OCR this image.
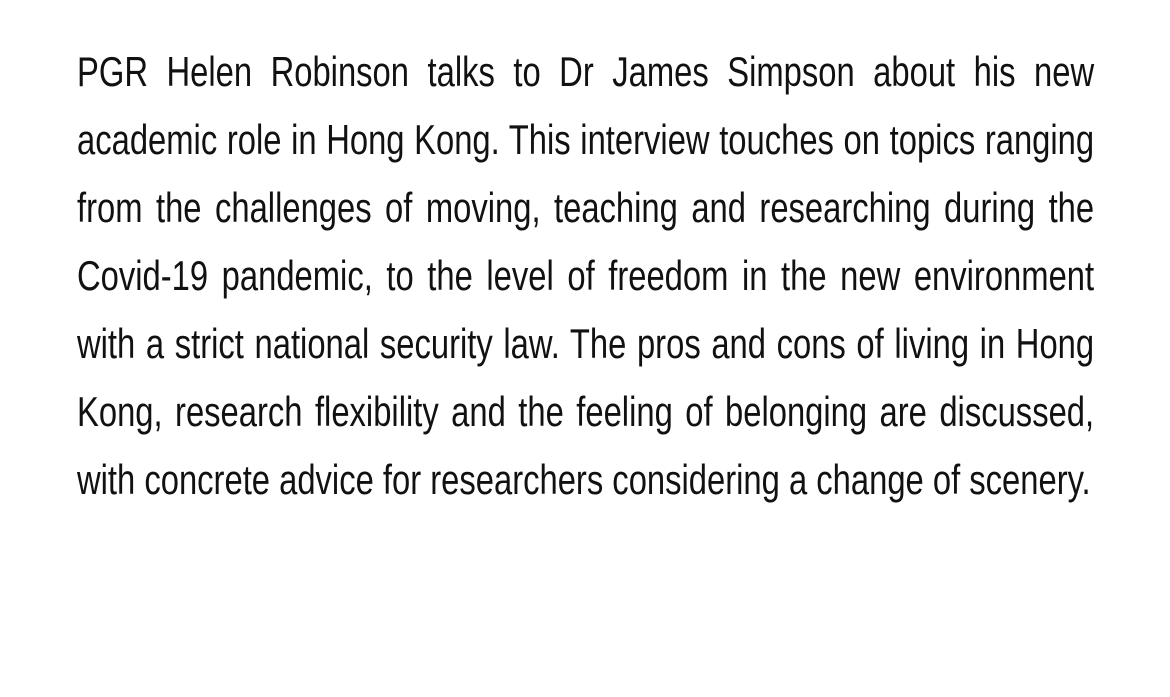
PGR Helen Robinson talks to Dr James Simpson about his new academic role in Hong Kong. This interview touches on topics ranging from the challenges of moving, teaching and researching during the Covid-19 pandemic, to the level of freedom in the new environment with a strict national security law. The pros and cons of living in Hong Kong, research flexibility and the feeling of belonging are discussed, with concrete advice for researchers considering a change of scenery.
